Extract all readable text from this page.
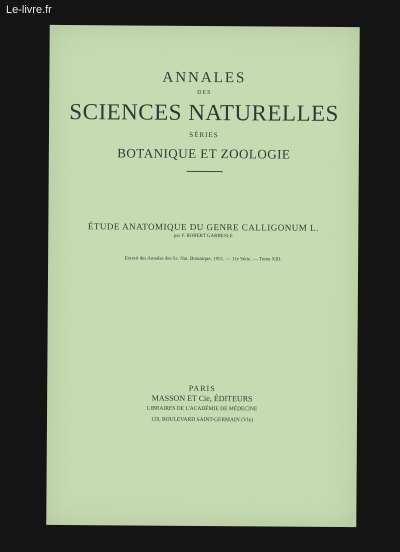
Le-livre.fr
ANNALES
DES
SCIENCES NATURELLES
SÉRIES
BOTANIQUE ET ZOOLOGIE
ÉTUDE ANATOMIQUE DU GENRE CALLIGONUM L.
par F. ROBERT GARBESLE
Extrait des Annales des Sc. Nat. Botanique, 1951. — 11e Série. — Tome XIII.
PARIS
MASSON ET Cie, ÉDITEURS
LIBRAIRES DE L'ACADÉMIE DE MÉDECINE
120, BOULEVARD SAINT-GERMAIN (VIe)
